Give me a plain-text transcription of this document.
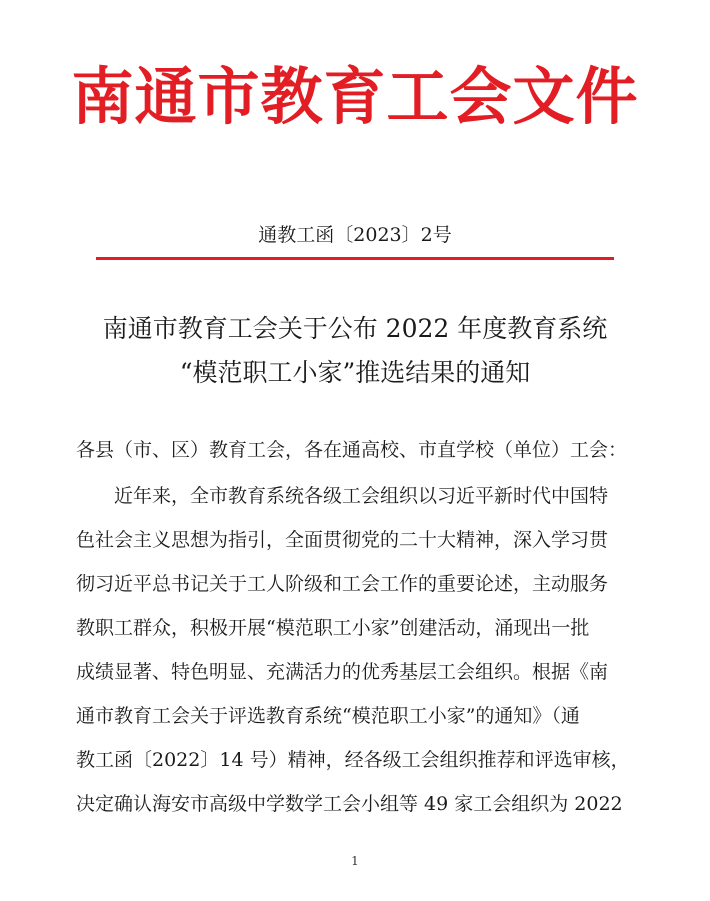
南通市教育工会文件
通教工函〔2023〕2号
南通市教育工会关于公布 2022 年度教育系统
“模范职工小家”推选结果的通知
各县（市、区）教育工会，各在通高校、市直学校（单位）工会：
近年来，全市教育系统各级工会组织以习近平新时代中国特
色社会主义思想为指引，全面贯彻党的二十大精神，深入学习贯
彻习近平总书记关于工人阶级和工会工作的重要论述，主动服务
教职工群众，积极开展“模范职工小家”创建活动，涌现出一批
成绩显著、特色明显、充满活力的优秀基层工会组织。根据《南
通市教育工会关于评选教育系统“模范职工小家”的通知》（通
教工函〔2022〕14 号）精神，经各级工会组织推荐和评选审核，
决定确认海安市高级中学数学工会小组等 49 家工会组织为 2022
1
